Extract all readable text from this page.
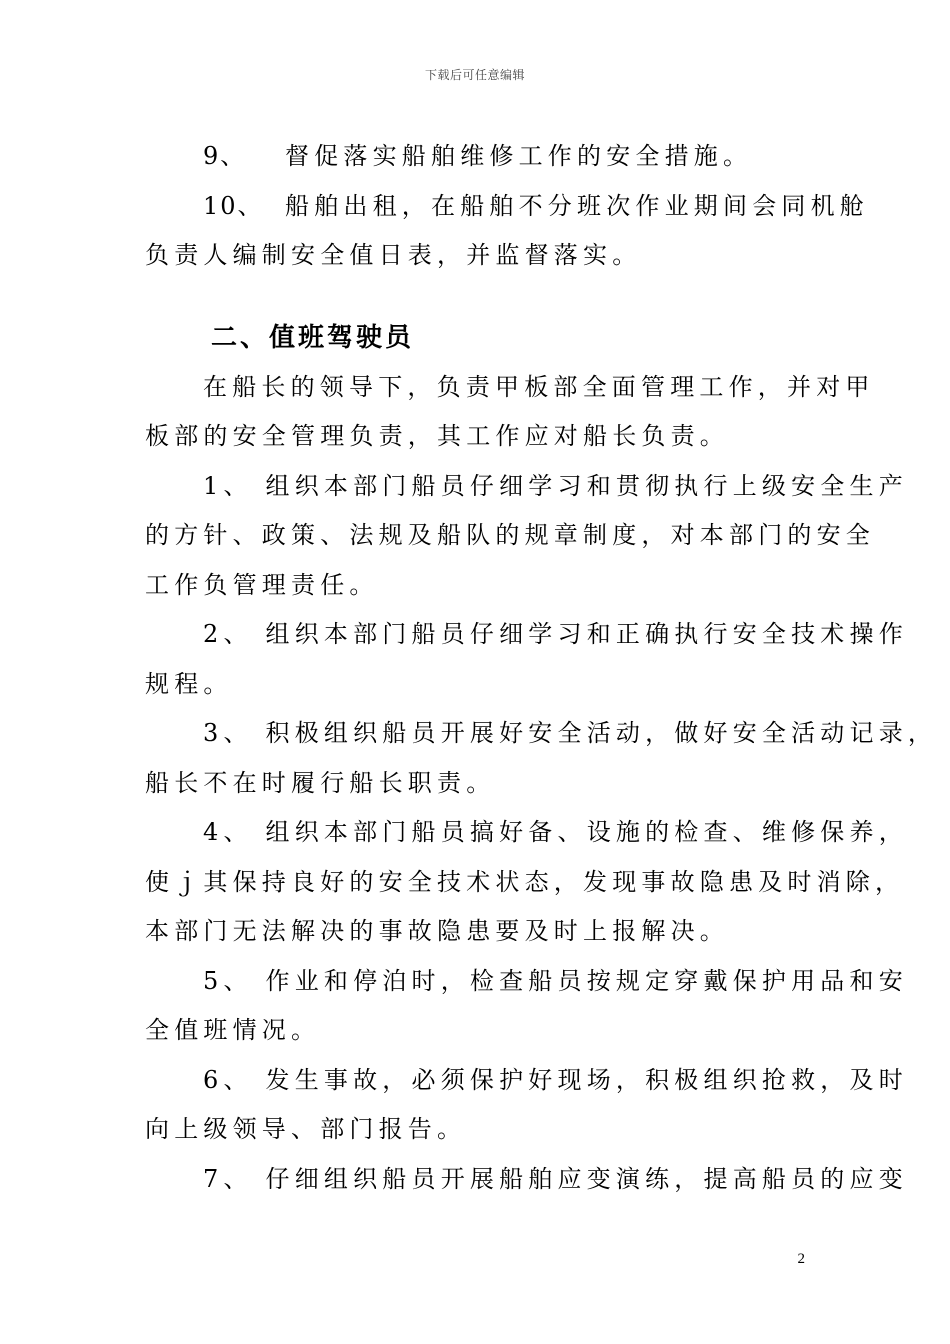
下载后可任意编辑
9、 督促落实船舶维修工作的安全措施。
10、 船舶出租，在船舶不分班次作业期间会同机舱
负责人编制安全值日表，并监督落实。
二、值班驾驶员
在船长的领导下，负责甲板部全面管理工作，并对甲
板部的安全管理负责，其工作应对船长负责。
1、 组织本部门船员仔细学习和贯彻执行上级安全生产
的方针、政策、法规及船队的规章制度，对本部门的安全
工作负管理责任。
2、 组织本部门船员仔细学习和正确执行安全技术操作
规程。
3、 积极组织船员开展好安全活动，做好安全活动记录，
船长不在时履行船长职责。
4、 组织本部门船员搞好备、设施的检查、维修保养，
使ｊ其保持良好的安全技术状态，发现事故隐患及时消除，
本部门无法解决的事故隐患要及时上报解决。
5、 作业和停泊时，检查船员按规定穿戴保护用品和安
全值班情况。
6、 发生事故，必须保护好现场，积极组织抢救，及时
向上级领导、部门报告。
7、 仔细组织船员开展船舶应变演练，提高船员的应变
2
